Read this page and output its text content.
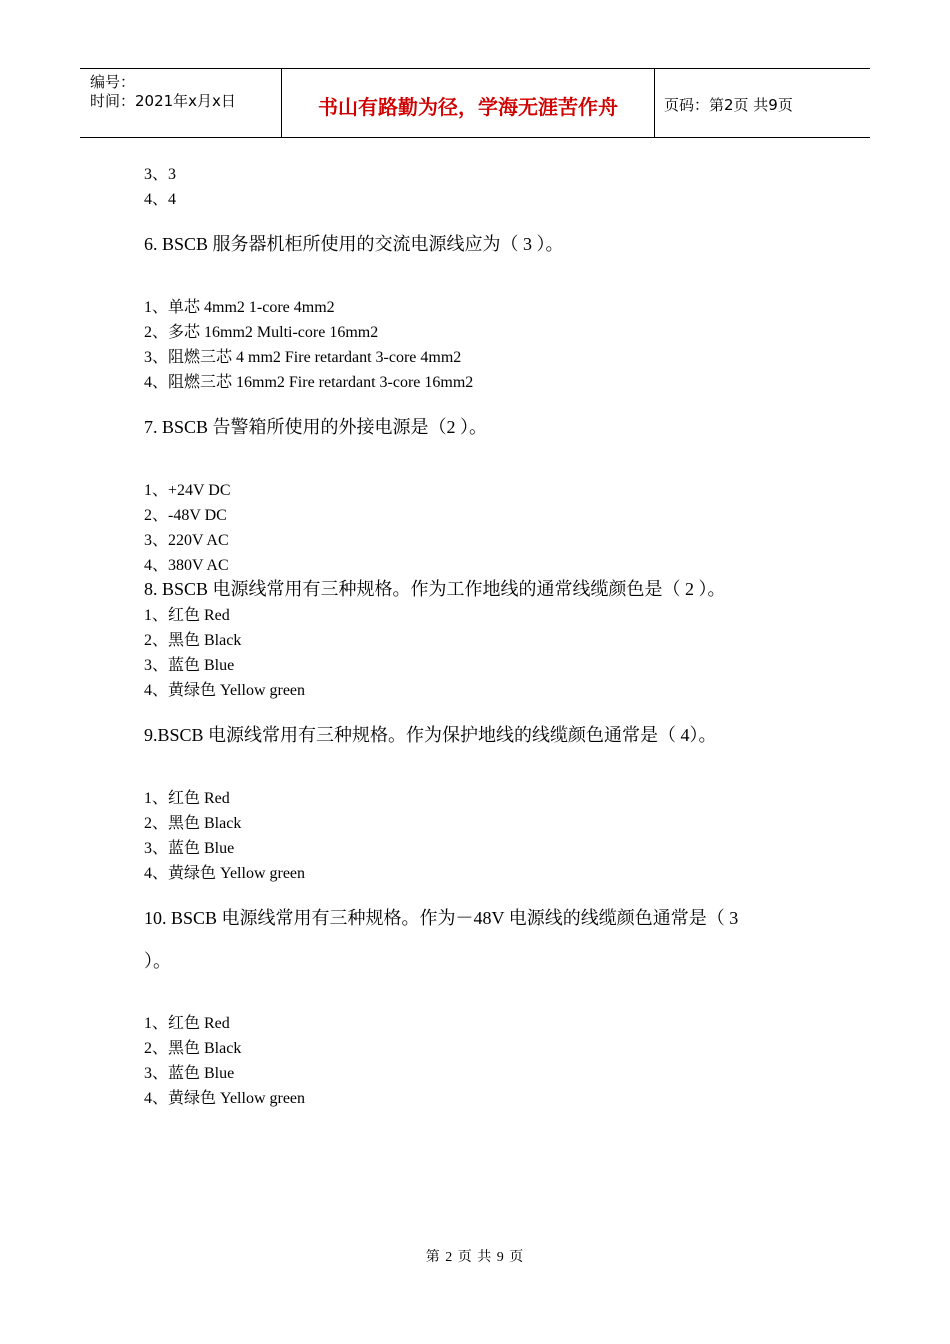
编号：
时间：2021年x月x日	书山有路勤为径，学海无涯苦作舟	页码：第2页 共9页
3、3
4、4
6. BSCB 服务器机柜所使用的交流电源线应为（ 3 ）。
1、单芯 4mm2 1-core 4mm2
2、多芯 16mm2 Multi-core 16mm2
3、阻燃三芯 4 mm2 Fire retardant 3-core 4mm2
4、阻燃三芯 16mm2 Fire retardant 3-core 16mm2
7. BSCB 告警箱所使用的外接电源是（2 ）。
1、+24V DC
2、-48V DC
3、220V AC
4、380V AC
8. BSCB 电源线常用有三种规格。作为工作地线的通常线缆颜色是（ 2 ）。
1、红色 Red
2、黑色 Black
3、蓝色 Blue
4、黄绿色 Yellow green
9.BSCB 电源线常用有三种规格。作为保护地线的线缆颜色通常是（ 4）。
1、红色 Red
2、黑色 Black
3、蓝色 Blue
4、黄绿色 Yellow green
10. BSCB 电源线常用有三种规格。作为－48V 电源线的线缆颜色通常是（ 3
）。
1、红色 Red
2、黑色 Black
3、蓝色 Blue
4、黄绿色 Yellow green
第 2 页 共 9 页
